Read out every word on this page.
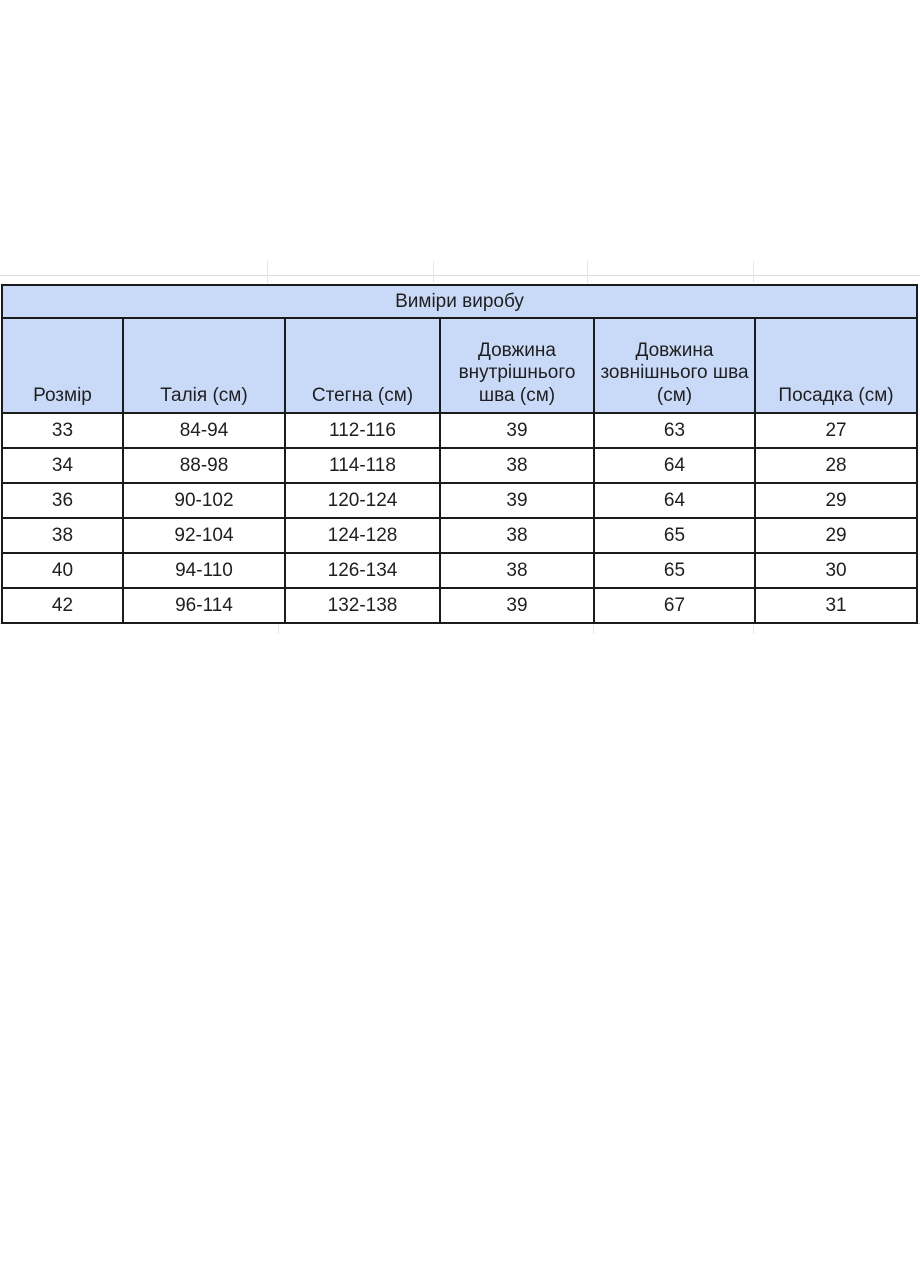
Виміри виробу					
Розмір	Талія (см)	Стегна (см)	Довжина внутрішнього шва (см)	Довжина зовнішнього шва (см)	Посадка (см)
33	84-94	112-116	39	63	27
34	88-98	114-118	38	64	28
36	90-102	120-124	39	64	29
38	92-104	124-128	38	65	29
40	94-110	126-134	38	65	30
42	96-114	132-138	39	67	31
